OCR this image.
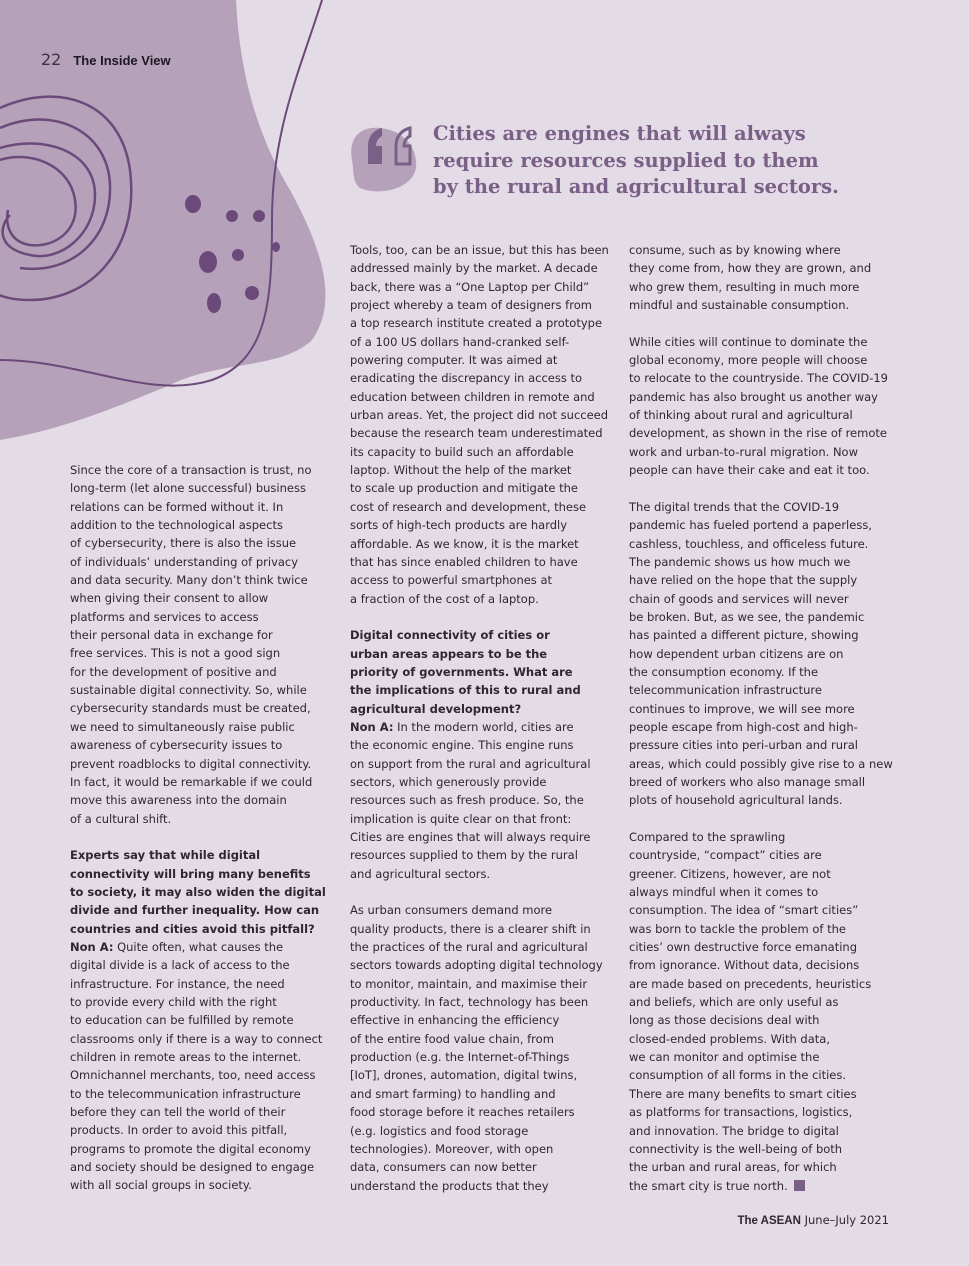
22 The Inside View
Cities are engines that will always
require resources supplied to them
by the rural and agricultural sectors.
Since the core of a transaction is trust, no
long-term (let alone successful) business
relations can be formed without it. In
addition to the technological aspects
of cybersecurity, there is also the issue
of individuals’ understanding of privacy
and data security. Many don’t think twice
when giving their consent to allow
platforms and services to access
their personal data in exchange for
free services. This is not a good sign
for the development of positive and
sustainable digital connectivity. So, while
cybersecurity standards must be created,
we need to simultaneously raise public
awareness of cybersecurity issues to
prevent roadblocks to digital connectivity.
In fact, it would be remarkable if we could
move this awareness into the domain
of a cultural shift.
Experts say that while digital
connectivity will bring many benefits
to society, it may also widen the digital
divide and further inequality. How can
countries and cities avoid this pitfall?
Non A: Quite often, what causes the
digital divide is a lack of access to the
infrastructure. For instance, the need
to provide every child with the right
to education can be fulfilled by remote
classrooms only if there is a way to connect
children in remote areas to the internet.
Omnichannel merchants, too, need access
to the telecommunication infrastructure
before they can tell the world of their
products. In order to avoid this pitfall,
programs to promote the digital economy
and society should be designed to engage
with all social groups in society.
Tools, too, can be an issue, but this has been
addressed mainly by the market. A decade
back, there was a “One Laptop per Child”
project whereby a team of designers from
a top research institute created a prototype
of a 100 US dollars hand-cranked self-
powering computer. It was aimed at
eradicating the discrepancy in access to
education between children in remote and
urban areas. Yet, the project did not succeed
because the research team underestimated
its capacity to build such an affordable
laptop. Without the help of the market
to scale up production and mitigate the
cost of research and development, these
sorts of high-tech products are hardly
affordable. As we know, it is the market
that has since enabled children to have
access to powerful smartphones at
a fraction of the cost of a laptop.
Digital connectivity of cities or
urban areas appears to be the
priority of governments. What are
the implications of this to rural and
agricultural development?
Non A: In the modern world, cities are
the economic engine. This engine runs
on support from the rural and agricultural
sectors, which generously provide
resources such as fresh produce. So, the
implication is quite clear on that front:
Cities are engines that will always require
resources supplied to them by the rural
and agricultural sectors.
As urban consumers demand more
quality products, there is a clearer shift in
the practices of the rural and agricultural
sectors towards adopting digital technology
to monitor, maintain, and maximise their
productivity. In fact, technology has been
effective in enhancing the efficiency
of the entire food value chain, from
production (e.g. the Internet-of-Things
[IoT], drones, automation, digital twins,
and smart farming) to handling and
food storage before it reaches retailers
(e.g. logistics and food storage
technologies). Moreover, with open
data, consumers can now better
understand the products that they
consume, such as by knowing where
they come from, how they are grown, and
who grew them, resulting in much more
mindful and sustainable consumption.
While cities will continue to dominate the
global economy, more people will choose
to relocate to the countryside. The COVID-19
pandemic has also brought us another way
of thinking about rural and agricultural
development, as shown in the rise of remote
work and urban-to-rural migration. Now
people can have their cake and eat it too.
The digital trends that the COVID-19
pandemic has fueled portend a paperless,
cashless, touchless, and officeless future.
The pandemic shows us how much we
have relied on the hope that the supply
chain of goods and services will never
be broken. But, as we see, the pandemic
has painted a different picture, showing
how dependent urban citizens are on
the consumption economy. If the
telecommunication infrastructure
continues to improve, we will see more
people escape from high-cost and high-
pressure cities into peri-urban and rural
areas, which could possibly give rise to a new
breed of workers who also manage small
plots of household agricultural lands.
Compared to the sprawling
countryside, “compact” cities are
greener. Citizens, however, are not
always mindful when it comes to
consumption. The idea of “smart cities”
was born to tackle the problem of the
cities’ own destructive force emanating
from ignorance. Without data, decisions
are made based on precedents, heuristics
and beliefs, which are only useful as
long as those decisions deal with
closed-ended problems. With data,
we can monitor and optimise the
consumption of all forms in the cities.
There are many benefits to smart cities
as platforms for transactions, logistics,
and innovation. The bridge to digital
connectivity is the well-being of both
the urban and rural areas, for which
the smart city is true north.
The ASEAN June–July 2021
